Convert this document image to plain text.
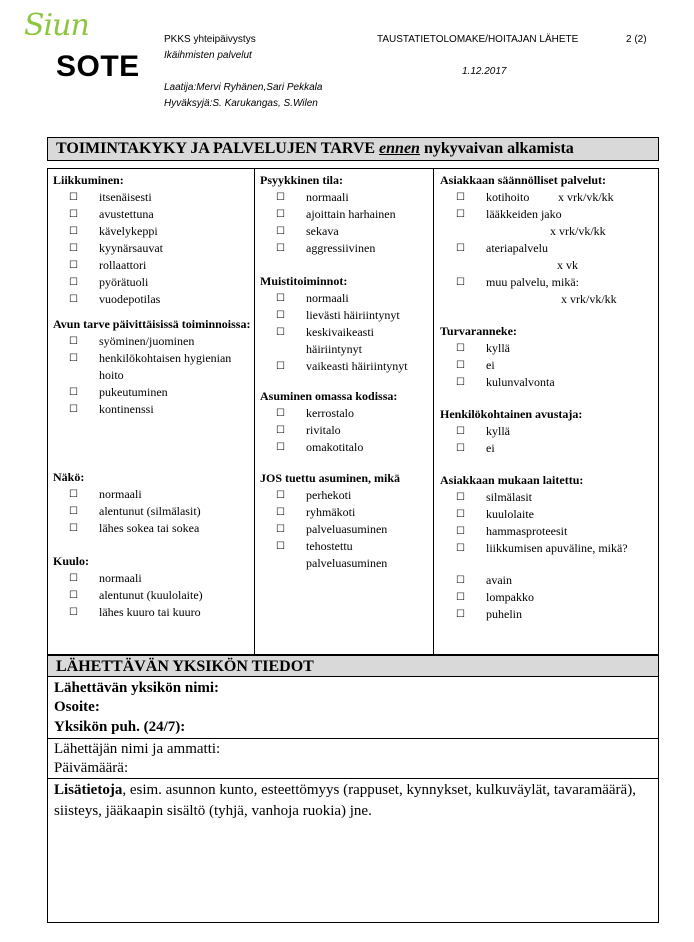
Siun
SOTE
PKKS yhteipäivystys
Ikäihmisten palvelut
TAUSTATIETOLOMAKE/HOITAJAN LÄHETE	2 (2)
1.12.2017
Laatija:Mervi Ryhänen,Sari Pekkala
Hyväksyjä:S. Karukangas, S.Wilen
TOIMINTAKYKY JA PALVELUJEN TARVE ennen nykyvaivan alkamista
Liikkuminen:
☐ itsenäisesti
☐ avustettuna
☐ kävelykeppi
☐ kyynärsauvat
☐ rollaattori
☐ pyörätuoli
☐ vuodepotilas
Avun tarve päivittäisissä toiminnoissa:
☐ syöminen/juominen
☐ henkilökohtaisen hygienian hoito
☐ pukeutuminen
☐ kontinenssi
Näkö:
☐ normaali
☐ alentunut (silmälasit)
☐ lähes sokea tai sokea
Kuulo:
☐ normaali
☐ alentunut (kuulolaite)
☐ lähes kuuro tai kuuro
Psyykkinen tila:
☐ normaali
☐ ajoittain harhainen
☐ sekava
☐ aggressiivinen
Muistitoiminnot:
☐ normaali
☐ lievästi häiriintynyt
☐ keskivaikeasti häiriintynyt
☐ vaikeasti häiriintynyt
Asuminen omassa kodissa:
☐ kerrostalo
☐ rivitalo
☐ omakotitalo
JOS tuettu asuminen, mikä
☐ perhekoti
☐ ryhmäkoti
☐ palveluasuminen
☐ tehostettu palveluasuminen
Asiakkaan säännölliset palvelut:
☐ kotihoito x vrk/vk/kk
☐ lääkkeiden jako
x vrk/vk/kk
☐ ateriapalvelu
x vk
☐ muu palvelu, mikä:
x vrk/vk/kk
Turvaranneke:
☐ kyllä
☐ ei
☐ kulunvalvonta
Henkilökohtainen avustaja:
☐ kyllä
☐ ei
Asiakkaan mukaan laitettu:
☐ silmälasit
☐ kuulolaite
☐ hammasproteesit
☐ liikkumisen apuväline, mikä?
☐ avain
☐ lompakko
☐ puhelin
LÄHETTÄVÄN YKSIKÖN TIEDOT
Lähettävän yksikön nimi:
Osoite:
Yksikön puh. (24/7):
Lähettäjän nimi ja ammatti:
Päivämäärä:
Lisätietoja, esim. asunnon kunto, esteettömyys (rappuset, kynnykset, kulkuväylät, tavaramäärä), siisteys, jääkaapin sisältö (tyhjä, vanhoja ruokia) jne.
